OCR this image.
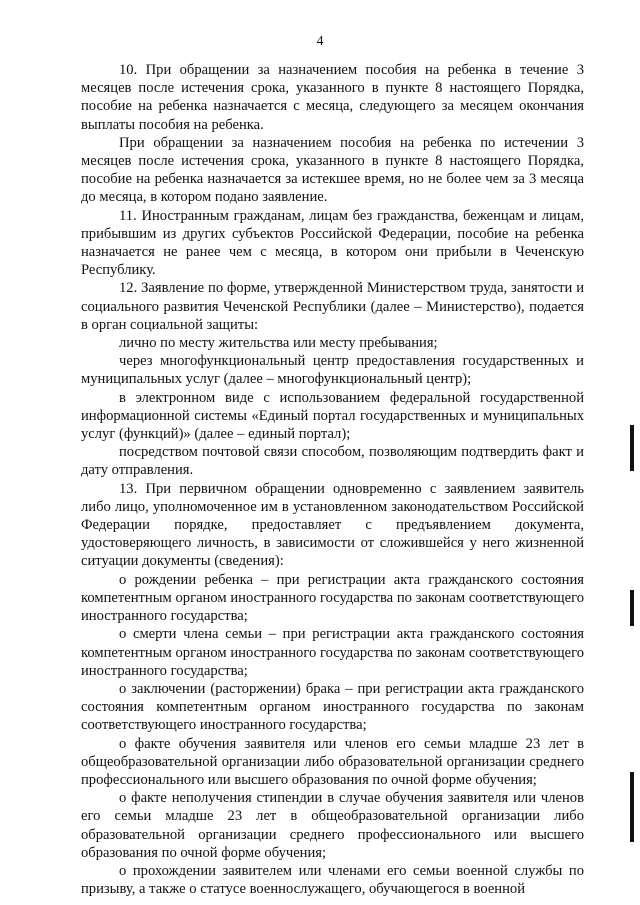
4

10. При обращении за назначением пособия на ребенка в течение 3 месяцев после истечения срока, указанного в пункте 8 настоящего Порядка, пособие на ребенка назначается с месяца, следующего за месяцем окончания выплаты пособия на ребенка.

При обращении за назначением пособия на ребенка по истечении 3 месяцев после истечения срока, указанного в пункте 8 настоящего Порядка, пособие на ребенка назначается за истекшее время, но не более чем за 3 месяца до месяца, в котором подано заявление.

11. Иностранным гражданам, лицам без гражданства, беженцам и лицам, прибывшим из других субъектов Российской Федерации, пособие на ребенка назначается не ранее чем с месяца, в котором они прибыли в Чеченскую Республику.

12. Заявление по форме, утвержденной Министерством труда, занятости и социального развития Чеченской Республики (далее – Министерство), подается в орган социальной защиты:

лично по месту жительства или месту пребывания;

через многофункциональный центр предоставления государственных и муниципальных услуг (далее – многофункциональный центр);

в электронном виде с использованием федеральной государственной информационной системы «Единый портал государственных и муниципальных услуг (функций)» (далее – единый портал);

посредством почтовой связи способом, позволяющим подтвердить факт и дату отправления.

13. При первичном обращении одновременно с заявлением заявитель либо лицо, уполномоченное им в установленном законодательством Российской Федерации порядке, предоставляет с предъявлением документа, удостоверяющего личность, в зависимости от сложившейся у него жизненной ситуации документы (сведения):

о рождении ребенка – при регистрации акта гражданского состояния компетентным органом иностранного государства по законам соответствующего иностранного государства;

о смерти члена семьи – при регистрации акта гражданского состояния компетентным органом иностранного государства по законам соответствующего иностранного государства;

о заключении (расторжении) брака – при регистрации акта гражданского состояния компетентным органом иностранного государства по законам соответствующего иностранного государства;

о факте обучения заявителя или членов его семьи младше 23 лет в общеобразовательной организации либо образовательной организации среднего профессионального или высшего образования по очной форме обучения;

о факте неполучения стипендии в случае обучения заявителя или членов его семьи младше 23 лет в общеобразовательной организации либо образовательной организации среднего профессионального или высшего образования по очной форме обучения;

о прохождении заявителем или членами его семьи военной службы по призыву, а также о статусе военнослужащего, обучающегося в военной
